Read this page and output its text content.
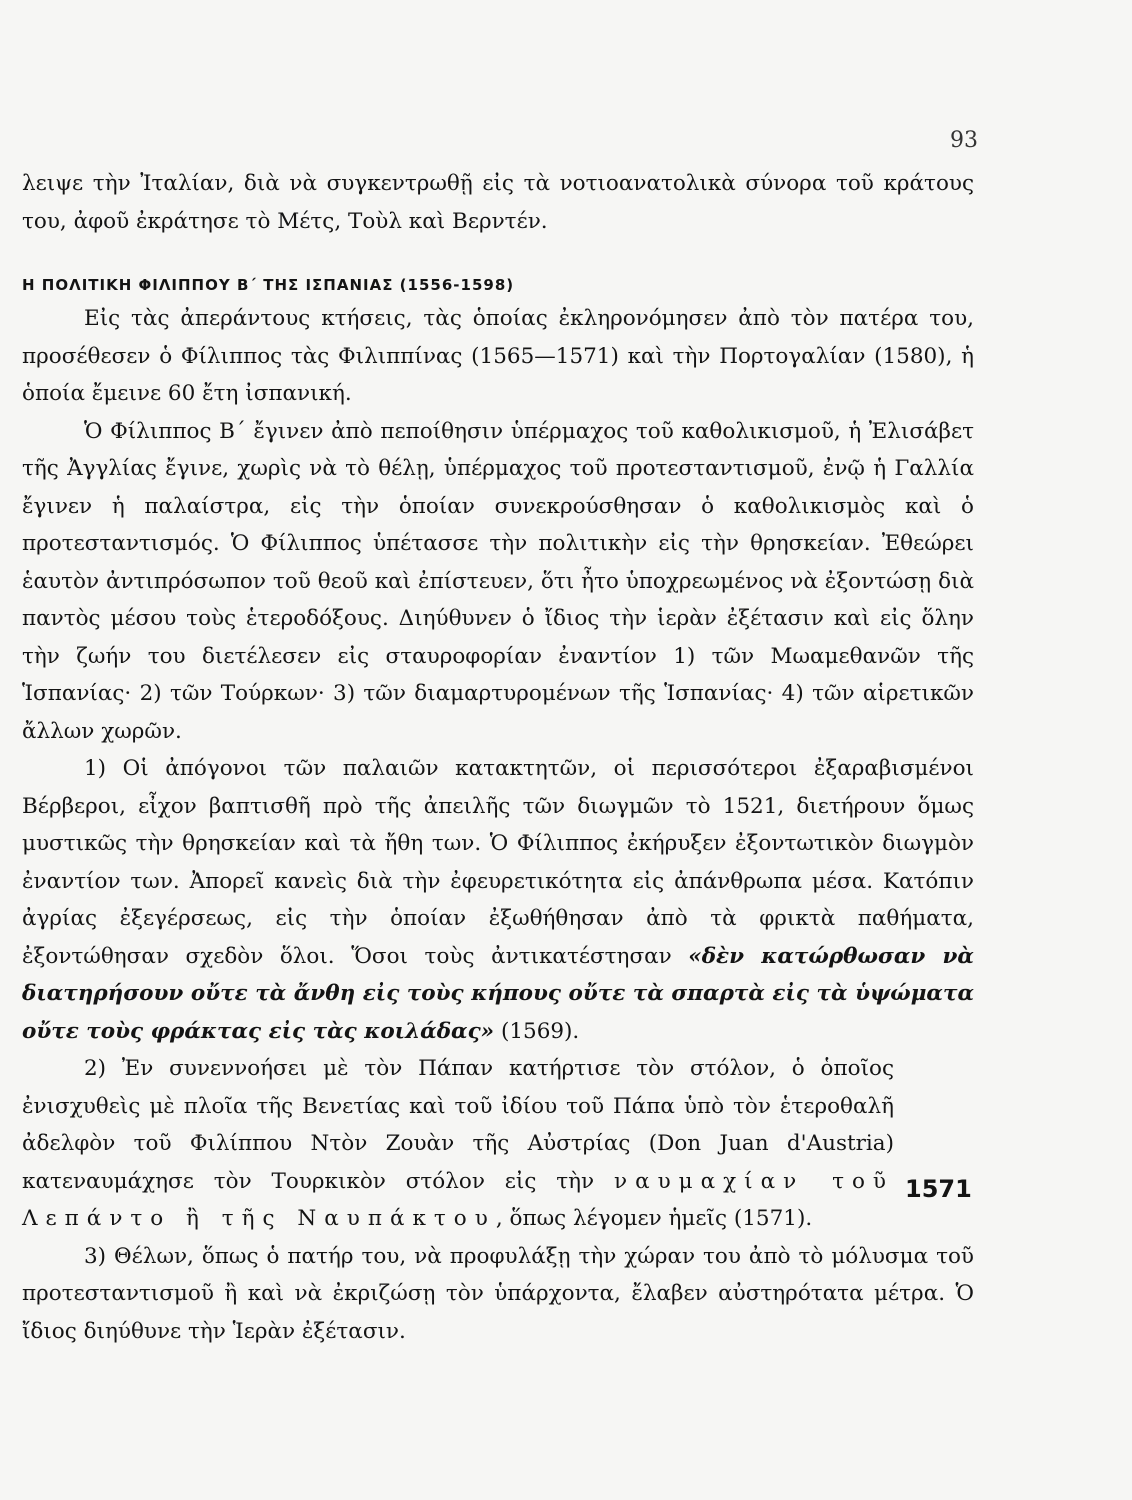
93

λειψε τὴν Ἰταλίαν, διὰ νὰ συγκεντρωθῇ εἰς τὰ νοτιοανατολικὰ σύνορα τοῦ κράτους του, ἀφοῦ ἐκράτησε τὸ Μέτς, Τοὺλ καὶ Βερντέν.

Η ΠΟΛΙΤΙΚΗ ΦΙΛΙΠΠΟΥ Β΄ ΤΗΣ ΙΣΠΑΝΙΑΣ (1556-1598)

Εἰς τὰς ἀπεράντους κτήσεις, τὰς ὁποίας ἐκληρονόμησεν ἀπὸ τὸν πατέρα του, προσέθεσεν ὁ Φίλιππος τὰς Φιλιππίνας (1565—1571) καὶ τὴν Πορτογαλίαν (1580), ἡ ὁποία ἔμεινε 60 ἔτη ἰσπανική.

Ὁ Φίλιππος Β΄ ἔγινεν ἀπὸ πεποίθησιν ὑπέρμαχος τοῦ καθολικισμοῦ, ἡ Ἐλισάβετ τῆς Ἀγγλίας ἔγινε, χωρὶς νὰ τὸ θέλῃ, ὑπέρμαχος τοῦ προτεσταντισμοῦ, ἐνῷ ἡ Γαλλία ἔγινεν ἡ παλαίστρα, εἰς τὴν ὁποίαν συνεκρούσθησαν ὁ καθολικισμὸς καὶ ὁ προτεσταντισμός. Ὁ Φίλιππος ὑπέτασσε τὴν πολιτικὴν εἰς τὴν θρησκείαν. Ἐθεώρει ἑαυτὸν ἀντιπρόσωπον τοῦ θεοῦ καὶ ἐπίστευεν, ὅτι ἦτο ὑποχρεωμένος νὰ ἐξοντώσῃ διὰ παντὸς μέσου τοὺς ἑτεροδόξους. Διηύθυνεν ὁ ἴδιος τὴν ἱερὰν ἐξέτασιν καὶ εἰς ὅλην τὴν ζωήν του διετέλεσεν εἰς σταυροφορίαν ἐναντίον 1) τῶν Μωαμεθανῶν τῆς Ἱσπανίας· 2) τῶν Τούρκων· 3) τῶν διαμαρτυρομένων τῆς Ἱσπανίας· 4) τῶν αἱρετικῶν ἄλλων χωρῶν.

1) Οἱ ἀπόγονοι τῶν παλαιῶν κατακτητῶν, οἱ περισσότεροι ἐξαραβισμένοι Βέρβεροι, εἶχον βαπτισθῆ πρὸ τῆς ἀπειλῆς τῶν διωγμῶν τὸ 1521, διετήρουν ὅμως μυστικῶς τὴν θρησκείαν καὶ τὰ ἤθη των. Ὁ Φίλιππος ἐκήρυξεν ἐξοντωτικὸν διωγμὸν ἐναντίον των. Ἀπορεῖ κανεὶς διὰ τὴν ἐφευρετικότητα εἰς ἀπάνθρωπα μέσα. Κατόπιν ἀγρίας ἐξεγέρσεως, εἰς τὴν ὁποίαν ἐξωθήθησαν ἀπὸ τὰ φρικτὰ παθήματα, ἐξοντώθησαν σχεδὸν ὅλοι. Ὅσοι τοὺς ἀντικατέστησαν «δὲν κατώρθωσαν νὰ διατηρήσουν οὔτε τὰ ἄνθη εἰς τοὺς κήπους οὔτε τὰ σπαρτὰ εἰς τὰ ὑψώματα οὔτε τοὺς φράκτας εἰς τὰς κοιλάδας» (1569).

2) Ἐν συνεννοήσει μὲ τὸν Πάπαν κατήρτισε τὸν στόλον, ὁ ὁποῖος ἐνισχυθεὶς μὲ πλοῖα τῆς Βενετίας καὶ τοῦ ἰδίου τοῦ Πάπα ὑπὸ τὸν ἑτεροθαλῆ ἀδελφὸν τοῦ Φιλίππου Ντὸν Ζουὰν τῆς Αὐστρίας (Don Juan d'Austria) κατεναυμάχησε τὸν Τουρκικὸν στόλον εἰς τὴν ναυμαχίαν τοῦ Λεπάντο ἢ τῆς Ναυπάκτου, ὅπως λέγομεν ἡμεῖς (1571).

3) Θέλων, ὅπως ὁ πατήρ του, νὰ προφυλάξῃ τὴν χώραν του ἀπὸ τὸ μόλυσμα τοῦ προτεσταντισμοῦ ἢ καὶ νὰ ἐκριζώσῃ τὸν ὑπάρχοντα, ἔλαβεν αὐστηρότατα μέτρα. Ὁ ἴδιος διηύθυνε τὴν Ἱερὰν ἐξέτασιν.

1571
